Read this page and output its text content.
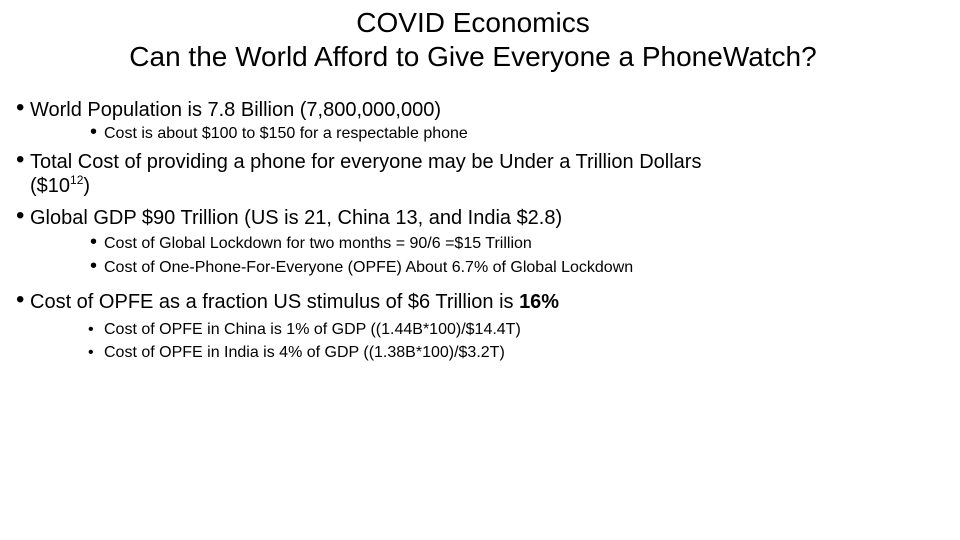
COVID Economics
Can the World Afford to Give Everyone a PhoneWatch?
• World Population is 7.8 Billion (7,800,000,000)
• Cost is about $100 to $150 for a respectable phone
• Total Cost of providing a phone for everyone may be Under a Trillion Dollars
$(\$10^{12})$
• Global GDP $90 Trillion (US is 21, China 13, and India $2.8)
• Cost of Global Lockdown for two months = 90/6 =$15 Trillion
• Cost of One-Phone-For-Everyone (OPFE) About 6.7% of Global Lockdown
• Cost of OPFE as a fraction US stimulus of $6 Trillion is 16%
• Cost of OPFE in China is 1% of GDP ((1.44B*100)/$14.4T)
• Cost of OPFE in India is 4% of GDP ((1.38B*100)/$3.2T)
